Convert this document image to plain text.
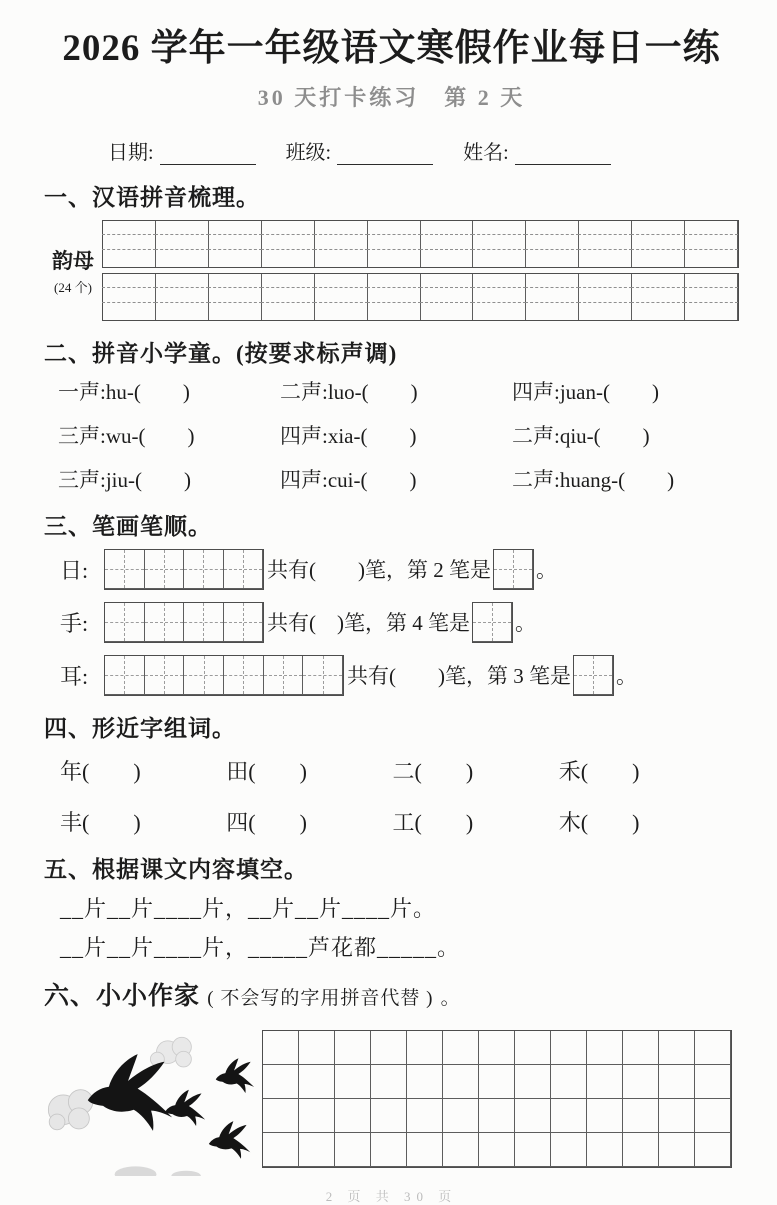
2026 学年一年级语文寒假作业每日一练
30 天打卡练习　第 2 天
日期:	班级:	姓名:
一、汉语拼音梳理。
韵母
(24 个)
二、拼音小学童。(按要求标声调)
一声:hu-(　　)	二声:luo-(　　)	四声:juan-(　　)
三声:wu-(　　)	四声:xia-(　　)	二声:qiu-(　　)
三声:jiu-(　　)	四声:cui-(　　)	二声:huang-(　　)
三、笔画笔顺。
日:	共有(　　)笔，第 2 笔是 。
手:	共有(　)笔，第 4 笔是 。
耳:	共有(　　)笔，第 3 笔是 。
四、形近字组词。
年(　　)	田(　　)	二(　　)	禾(　　)
丰(　　)	四(　　)	工(　　)	木(　　)
五、根据课文内容填空。
__片__片____片，__片__片____片。
__片__片____片，_____芦花都_____。
六、小小作家 ( 不会写的字用拼音代替 ) 。
2 页 共 30 页
